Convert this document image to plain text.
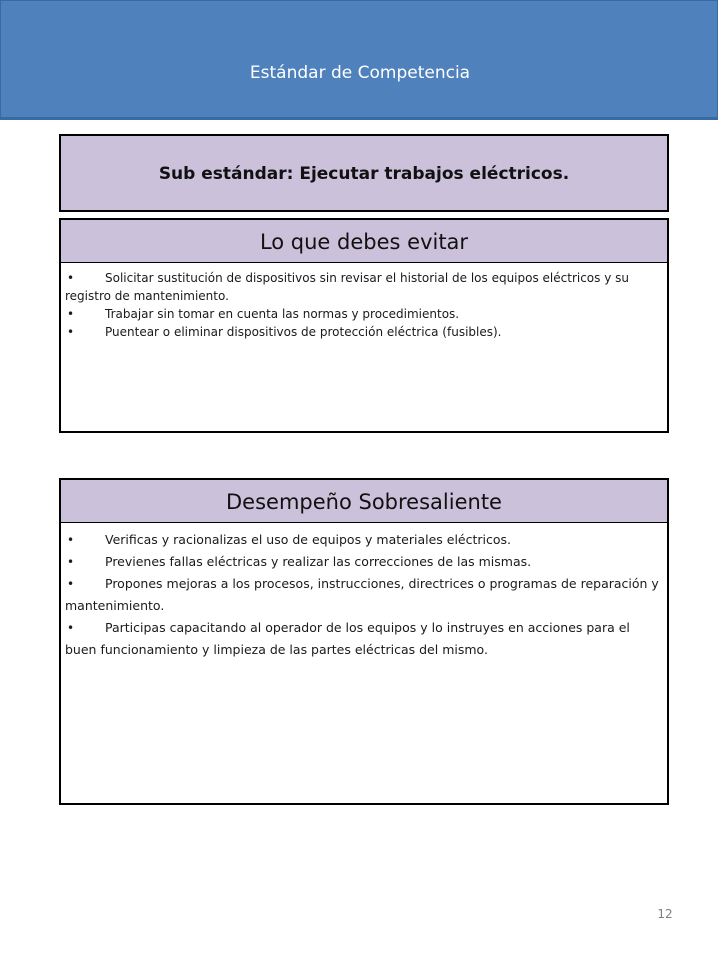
Estándar de Competencia
Sub estándar: Ejecutar trabajos eléctricos.
Lo que debes evitar

•	Solicitar sustitución de dispositivos sin revisar el historial de los equipos eléctricos y su registro de mantenimiento.

•	Trabajar sin tomar en cuenta las normas y procedimientos.

•	Puentear o eliminar dispositivos de protección eléctrica (fusibles).

Desempeño Sobresaliente

• Verificas y racionalizas el uso de equipos y materiales eléctricos.

• Previenes fallas eléctricas y realizar las correcciones de las mismas.

• Propones mejoras a los procesos, instrucciones, directrices o programas de reparación y mantenimiento.

• Participas capacitando al operador de los equipos y lo instruyes en acciones para el buen funcionamiento y limpieza de las partes eléctricas del mismo.

12
